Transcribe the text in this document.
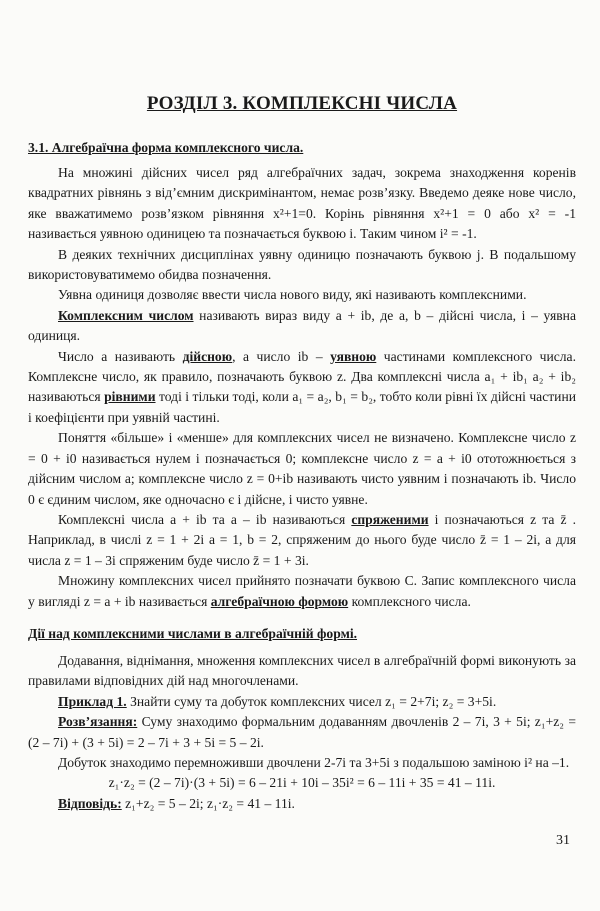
РОЗДІЛ 3. КОМПЛЕКСНІ ЧИСЛА
3.1. Алгебраїчна форма комплексного числа.

На множині дійсних чисел ряд алгебраїчних задач, зокрема знаходження коренів квадратних рівнянь з від’ємним дискримінантом, немає розв’язку. Введемо деяке нове число, яке вважатимемо розв’язком рівняння x²+1=0. Корінь рівняння x²+1 = 0 або x² = -1 називається уявною одиницею та позначається буквою i. Таким чином i² = -1.

В деяких технічних дисциплінах уявну одиницю позначають буквою j. В подальшому використовуватимемо обидва позначення.

Уявна одиниця дозволяє ввести числа нового виду, які називають комплексними.

Комплексним числом називають вираз виду a + ib, де a, b – дійсні числа, i – уявна одиниця.

Число a називають дійсною, а число ib – уявною частинами комплексного числа. Комплексне число, як правило, позначають буквою z. Два комплексні числа a₁ + ib₁ a₂ + ib₂ називаються рівними тоді і тільки тоді, коли a₁ = a₂, b₁ = b₂, тобто коли рівні їх дійсні частини і коефіцієнти при уявній частині.

Поняття «більше» і «менше» для комплексних чисел не визначено. Комплексне число z = 0 + i0 називається нулем і позначається 0; комплексне число z = a + i0 ототожнюється з дійсним числом a; комплексне число z = 0+ib називають чисто уявним і позначають ib. Число 0 є єдиним числом, яке одночасно є і дійсне, і чисто уявне.

Комплексні числа a + ib та a – ib називаються спряженими і позначаються z та z̄ . Наприклад, в числі z = 1 + 2i a = 1, b = 2, спряженим до нього буде число z̄ = 1 – 2i, а для числа z = 1 – 3i спряженим буде число z̄ = 1 + 3i.

Множину комплексних чисел прийнято позначати буквою C. Запис комплексного числа у вигляді z = a + ib називається алгебраїчною формою комплексного числа.

Дії над комплексними числами в алгебраїчній формі.

Додавання, віднімання, множення комплексних чисел в алгебраїчній формі виконують за правилами відповідних дій над многочленами.

Приклад 1. Знайти суму та добуток комплексних чисел z₁ = 2+7i; z₂ = 3+5i.

Розв’язання: Суму знаходимо формальним додаванням двочленів 2 – 7i, 3 + 5i; z₁+z₂ = (2 – 7i) + (3 + 5i) = 2 – 7i + 3 + 5i = 5 – 2i.

Добуток знаходимо перемноживши двочлени 2-7i та 3+5i з подальшою заміною i² на –1.

z₁·z₂ = (2 – 7i)·(3 + 5i) = 6 – 21i + 10i – 35i² = 6 – 11i + 35 = 41 – 11i.

Відповідь: z₁+z₂ = 5 – 2i; z₁·z₂ = 41 – 11i.

31
